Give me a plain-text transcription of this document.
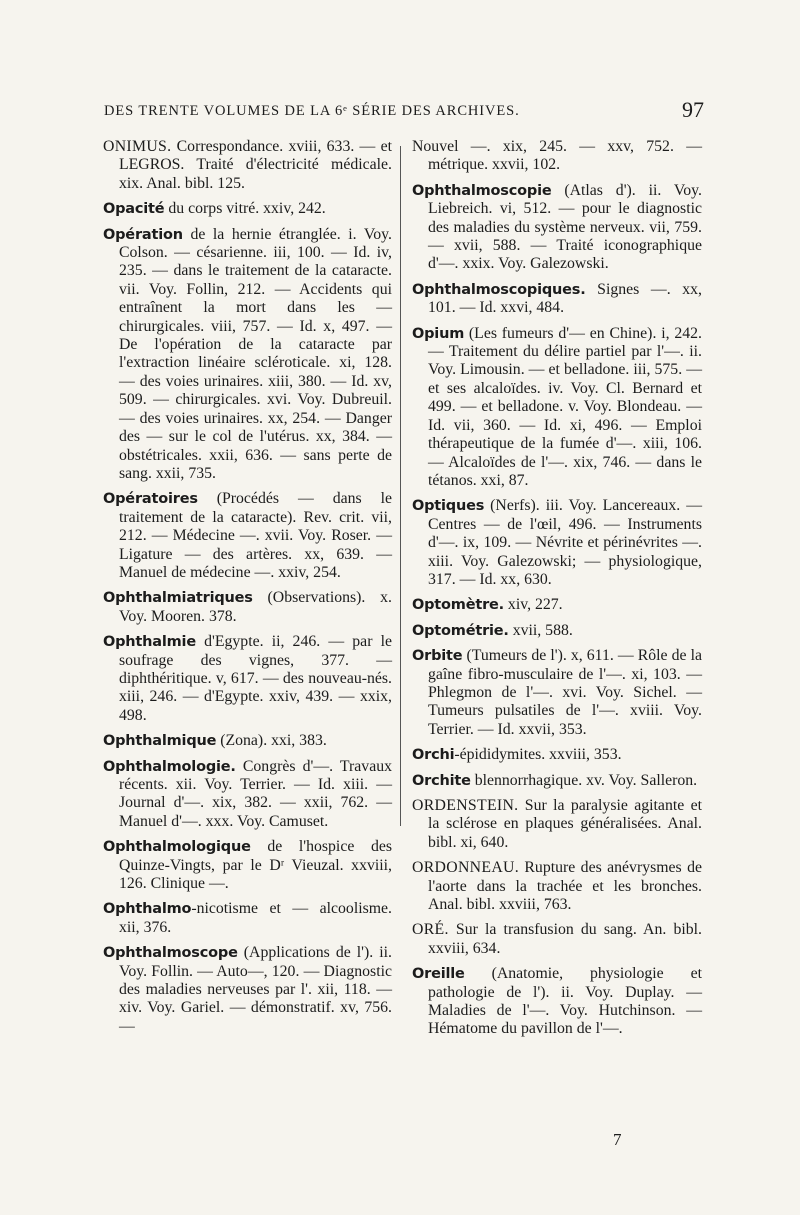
DES TRENTE VOLUMES DE LA 6ᵉ SÉRIE DES ARCHIVES.	97

ONIMUS. Correspondance. xviii, 633. — et LEGROS. Traité d'électricité médicale. xix. Anal. bibl. 125.

Opacité du corps vitré. xxiv, 242.

Opération de la hernie étranglée. i. Voy. Colson. — césarienne. iii, 100. — Id. iv, 235. — dans le traitement de la cataracte. vii. Voy. Follin, 212. — Accidents qui entraînent la mort dans les — chirurgicales. viii, 757. — Id. x, 497. — De l'opération de la cataracte par l'extraction linéaire scléroticale. xi, 128. — des voies urinaires. xiii, 380. — Id. xv, 509. — chirurgicales. xvi. Voy. Dubreuil. — des voies urinaires. xx, 254. — Danger des — sur le col de l'utérus. xx, 384. — obstétricales. xxii, 636. — sans perte de sang. xxii, 735.

Opératoires (Procédés — dans le traitement de la cataracte). Rev. crit. vii, 212. — Médecine —. xvii. Voy. Roser. — Ligature — des artères. xx, 639. — Manuel de médecine —. xxiv, 254.

Ophthalmiatriques (Observations). x. Voy. Mooren. 378.

Ophthalmie d'Egypte. ii, 246. — par le soufrage des vignes, 377. — diphthéritique. v, 617. — des nouveau-nés. xiii, 246. — d'Egypte. xxiv, 439. — xxix, 498.

Ophthalmique (Zona). xxi, 383.

Ophthalmologie. Congrès d'—. Travaux récents. xii. Voy. Terrier. — Id. xiii. — Journal d'—. xix, 382. — xxii, 762. — Manuel d'—. xxx. Voy. Camuset.

Ophthalmologique de l'hospice des Quinze-Vingts, par le Dʳ Vieuzal. xxviii, 126. Clinique —.

Ophthalmo-nicotisme et — alcoolisme. xii, 376.

Ophthalmoscope (Applications de l'). ii. Voy. Follin. — Auto—, 120. — Diagnostic des maladies nerveuses par l'. xii, 118. — xiv. Voy. Gariel. — démonstratif. xv, 756. —

Nouvel —. xix, 245. — xxv, 752. — métrique. xxvii, 102.

Ophthalmoscopie (Atlas d'). ii. Voy. Liebreich. vi, 512. — pour le diagnostic des maladies du système nerveux. vii, 759. — xvii, 588. — Traité iconographique d'—. xxix. Voy. Galezowski.

Ophthalmoscopiques. Signes —. xx, 101. — Id. xxvi, 484.

Opium (Les fumeurs d'— en Chine). i, 242. — Traitement du délire partiel par l'—. ii. Voy. Limousin. — et belladone. iii, 575. — et ses alcaloïdes. iv. Voy. Cl. Bernard et 499. — et belladone. v. Voy. Blondeau. — Id. vii, 360. — Id. xi, 496. — Emploi thérapeutique de la fumée d'—. xiii, 106. — Alcaloïdes de l'—. xix, 746. — dans le tétanos. xxi, 87.

Optiques (Nerfs). iii. Voy. Lancereaux. — Centres — de l'œil, 496. — Instruments d'—. ix, 109. — Névrite et périnévrites —. xiii. Voy. Galezowski; — physiologique, 317. — Id. xx, 630.

Optomètre. xiv, 227.

Optométrie. xvii, 588.

Orbite (Tumeurs de l'). x, 611. — Rôle de la gaîne fibro-musculaire de l'—. xi, 103. — Phlegmon de l'—. xvi. Voy. Sichel. — Tumeurs pulsatiles de l'—. xviii. Voy. Terrier. — Id. xxvii, 353.

Orchi-épididymites. xxviii, 353.

Orchite blennorrhagique. xv. Voy. Salleron.

ORDENSTEIN. Sur la paralysie agitante et la sclérose en plaques généralisées. Anal. bibl. xi, 640.

ORDONNEAU. Rupture des anévrysmes de l'aorte dans la trachée et les bronches. Anal. bibl. xxviii, 763.

ORÉ. Sur la transfusion du sang. An. bibl. xxviii, 634.

Oreille (Anatomie, physiologie et pathologie de l'). ii. Voy. Duplay. — Maladies de l'—. Voy. Hutchinson. — Hématome du pavillon de l'—.

7
